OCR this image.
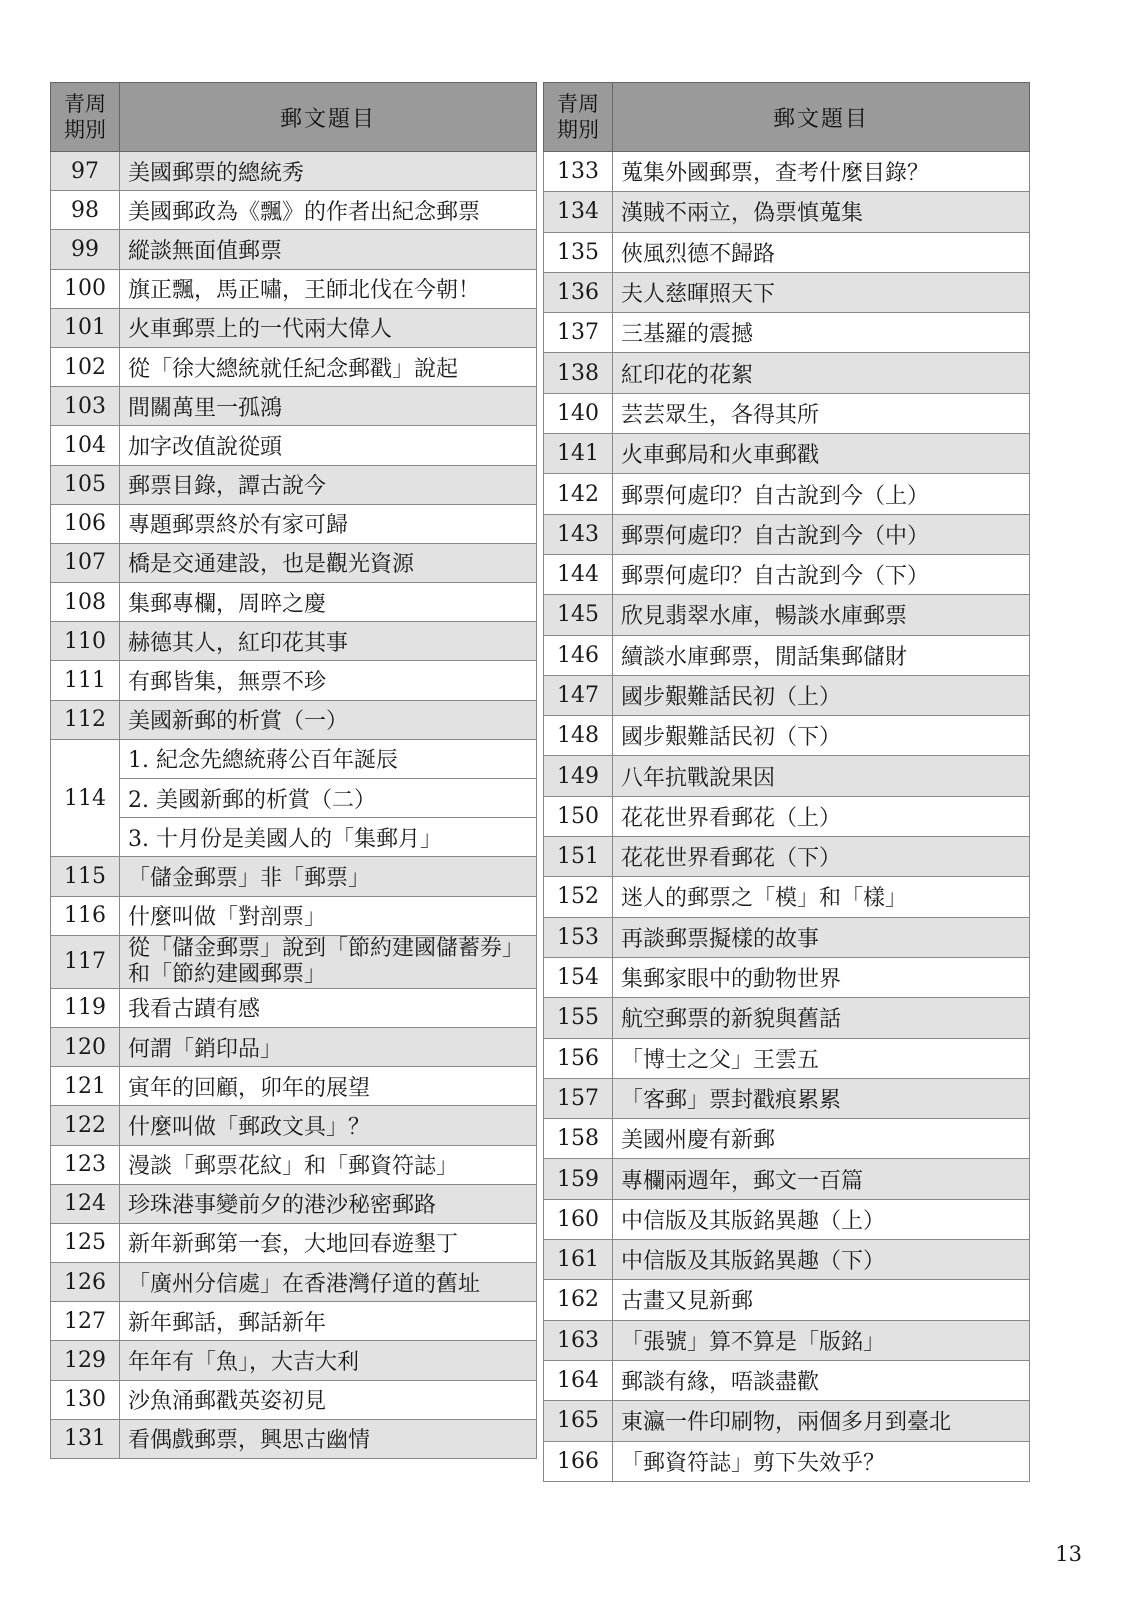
青周
期別	郵文題目
97	美國郵票的總統秀
98	美國郵政為《飄》的作者出紀念郵票
99	縱談無面值郵票
100	旗正飄，馬正嘯，王師北伐在今朝！
101	火車郵票上的一代兩大偉人
102	從「徐大總統就任紀念郵戳」說起
103	間關萬里一孤鴻
104	加字改值說從頭
105	郵票目錄，譚古說今
106	專題郵票終於有家可歸
107	橋是交通建設，也是觀光資源
108	集郵專欄，周晬之慶
110	赫德其人，紅印花其事
111	有郵皆集，無票不珍
112	美國新郵的析賞（一）
114	1. 紀念先總統蔣公百年誕辰
	2. 美國新郵的析賞（二）
	3. 十月份是美國人的「集郵月」
115	「儲金郵票」非「郵票」
116	什麼叫做「對剖票」
117	從「儲金郵票」說到「節約建國儲蓄券」
和「節約建國郵票」

119	我看古蹟有感
120	何謂「銷印品」
121	寅年的回顧，卯年的展望
122	什麼叫做「郵政文具」？
123	漫談「郵票花紋」和「郵資符誌」
124	珍珠港事變前夕的港沙秘密郵路
125	新年新郵第一套，大地回春遊墾丁
126	「廣州分信處」在香港灣仔道的舊址
127	新年郵話，郵話新年
129	年年有「魚」，大吉大利
130	沙魚涌郵戳英姿初見
131	看偶戲郵票，興思古幽情
青周
期別	郵文題目
133	蒐集外國郵票，查考什麼目錄？
134	漢賊不兩立，偽票慎蒐集
135	俠風烈德不歸路
136	夫人慈暉照天下
137	三基羅的震撼
138	紅印花的花絮
140	芸芸眾生，各得其所
141	火車郵局和火車郵戳
142	郵票何處印？自古說到今（上）
143	郵票何處印？自古說到今（中）
144	郵票何處印？自古說到今（下）
145	欣見翡翠水庫，暢談水庫郵票
146	續談水庫郵票，閒話集郵儲財
147	國步艱難話民初（上）
148	國步艱難話民初（下）
149	八年抗戰說果因
150	花花世界看郵花（上）
151	花花世界看郵花（下）
152	迷人的郵票之「模」和「樣」
153	再談郵票擬樣的故事
154	集郵家眼中的動物世界
155	航空郵票的新貌與舊話
156	「博士之父」王雲五
157	「客郵」票封戳痕累累
158	美國州慶有新郵
159	專欄兩週年，郵文一百篇
160	中信版及其版銘異趣（上）
161	中信版及其版銘異趣（下）
162	古畫又見新郵
163	「張號」算不算是「版銘」
164	郵談有緣，唔談盡歡
165	東瀛一件印刷物，兩個多月到臺北
166	「郵資符誌」剪下失效乎？
13
